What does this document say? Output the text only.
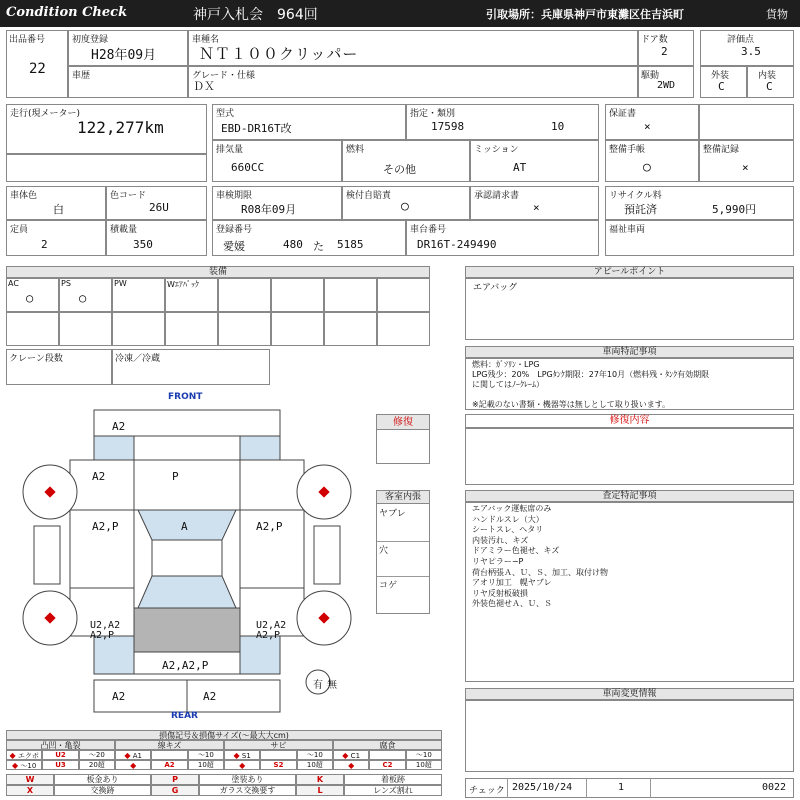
Condition Check	神戸入札会　964回	引取場所：兵庫県神戸市東灘区住吉浜町	貨物
出品番号
22
初度登録
H28年09月
車種名
ＮＴ１００クリッパー
ドア数
2
評価点
3.5
車歴	グレード・仕様
ＤＸ
駆動
2WD
外装
C
内装
C
走行(現メーター)
122,277km
型式
EBD-DR16T改
指定・類別
17598	10
保証書
×
排気量
660CC
燃料
その他
ミッション
AT
整備手帳
○
整備記録
×
車体色
白
色コード
26U
車検期限
R08年09月
検付自賠責
○
承認請求書
×
リサイクル料
預託済	5,990円
定員
2
積載量
350
登録番号
愛媛	480 た 5185
車台番号
DR16T-249490
福祉車両
装備
AC
○
PS
○
PW	Wｴｱﾊﾞｯｸ
クレーン段数	冷凍／冷蔵
アピールポイント
エアバッグ
車両特記事項
燃料：ｶﾞｿﾘﾝ・LPG
LPG残少：20%　LPGﾀﾝｸ期限：27年10月（燃料残・ﾀﾝｸ有効期限
に関してはﾉｰｸﾚｰﾑ）

※記載のない書類・機器等は無しとして取り扱います。
修復内容
査定特記事項
エアバック運転席のみ
ハンドルスレ（大）
シートスレ、ヘタリ
内装汚れ、キズ
ドアミラー色褪せ、キズ
リヤピラー−P
荷台柄張Ａ、Ｕ、Ｓ、加工、取付け物
アオリ加工　幌ヤブレ
リヤ反射板破損
外装色褪せＡ、Ｕ、Ｓ
車両変更情報
チェック 2025/10/24	1	0022
修復
客室内張
ヤブレ
穴
コゲ
FRONT
REAR
A2
A2	P
A2,P	A	A2,P
U2,A2
A2,P
U2,A2
A2,P
A2,A2,P
A2	A2
有 無
損傷記号＆損傷サイズ(〜最大大cm)
凸凹・亀裂
◆ エクボ	U2	〜20
◆ 〜10	U3	20超
線キズ
◆ A1	〜10
◆	A2	10超
サビ
◆ S1	〜10
◆	S2	10超
腐食
◆ C1	〜10
◆	C2	10超
W	板金あり	P	塗装あり	K	着板跡
X	交換跡	G	ガラス交換要す	L	レンズ割れ
